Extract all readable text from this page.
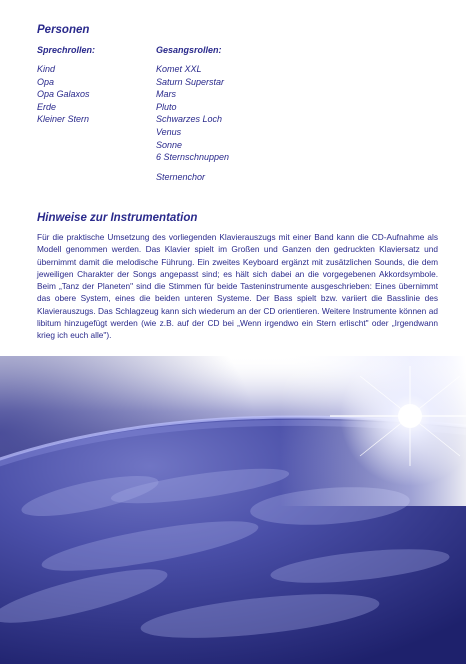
Personen
Sprechrollen:
Kind
Opa
Opa Galaxos
Erde
Kleiner Stern
Gesangsrollen:
Komet XXL
Saturn Superstar
Mars
Pluto
Schwarzes Loch
Venus
Sonne
6 Sternschnuppen
Sternenchor
Hinweise zur Instrumentation

Für die praktische Umsetzung des vorliegenden Klavierauszugs mit einer Band kann die CD-Aufnahme als Modell genommen werden. Das Klavier spielt im Großen und Ganzen den gedruckten Klaviersatz und übernimmt damit die melodische Führung. Ein zweites Keyboard ergänzt mit zusätzlichen Sounds, die dem jeweiligen Charakter der Songs angepasst sind; es hält sich dabei an die vorgegebenen Akkordsymbole. Beim „Tanz der Planeten" sind die Stimmen für beide Tasteninstrumente ausgeschrieben: Eines übernimmt das obere System, eines die beiden unteren Systeme. Der Bass spielt bzw. variiert die Basslinie des Klavierauszugs. Das Schlagzeug kann sich wiederum an der CD orientieren. Weitere Instrumente können ad libitum hinzugefügt werden (wie z.B. auf der CD bei „Wenn irgendwo ein Stern erlischt" oder „Irgendwann krieg ich euch alle").
